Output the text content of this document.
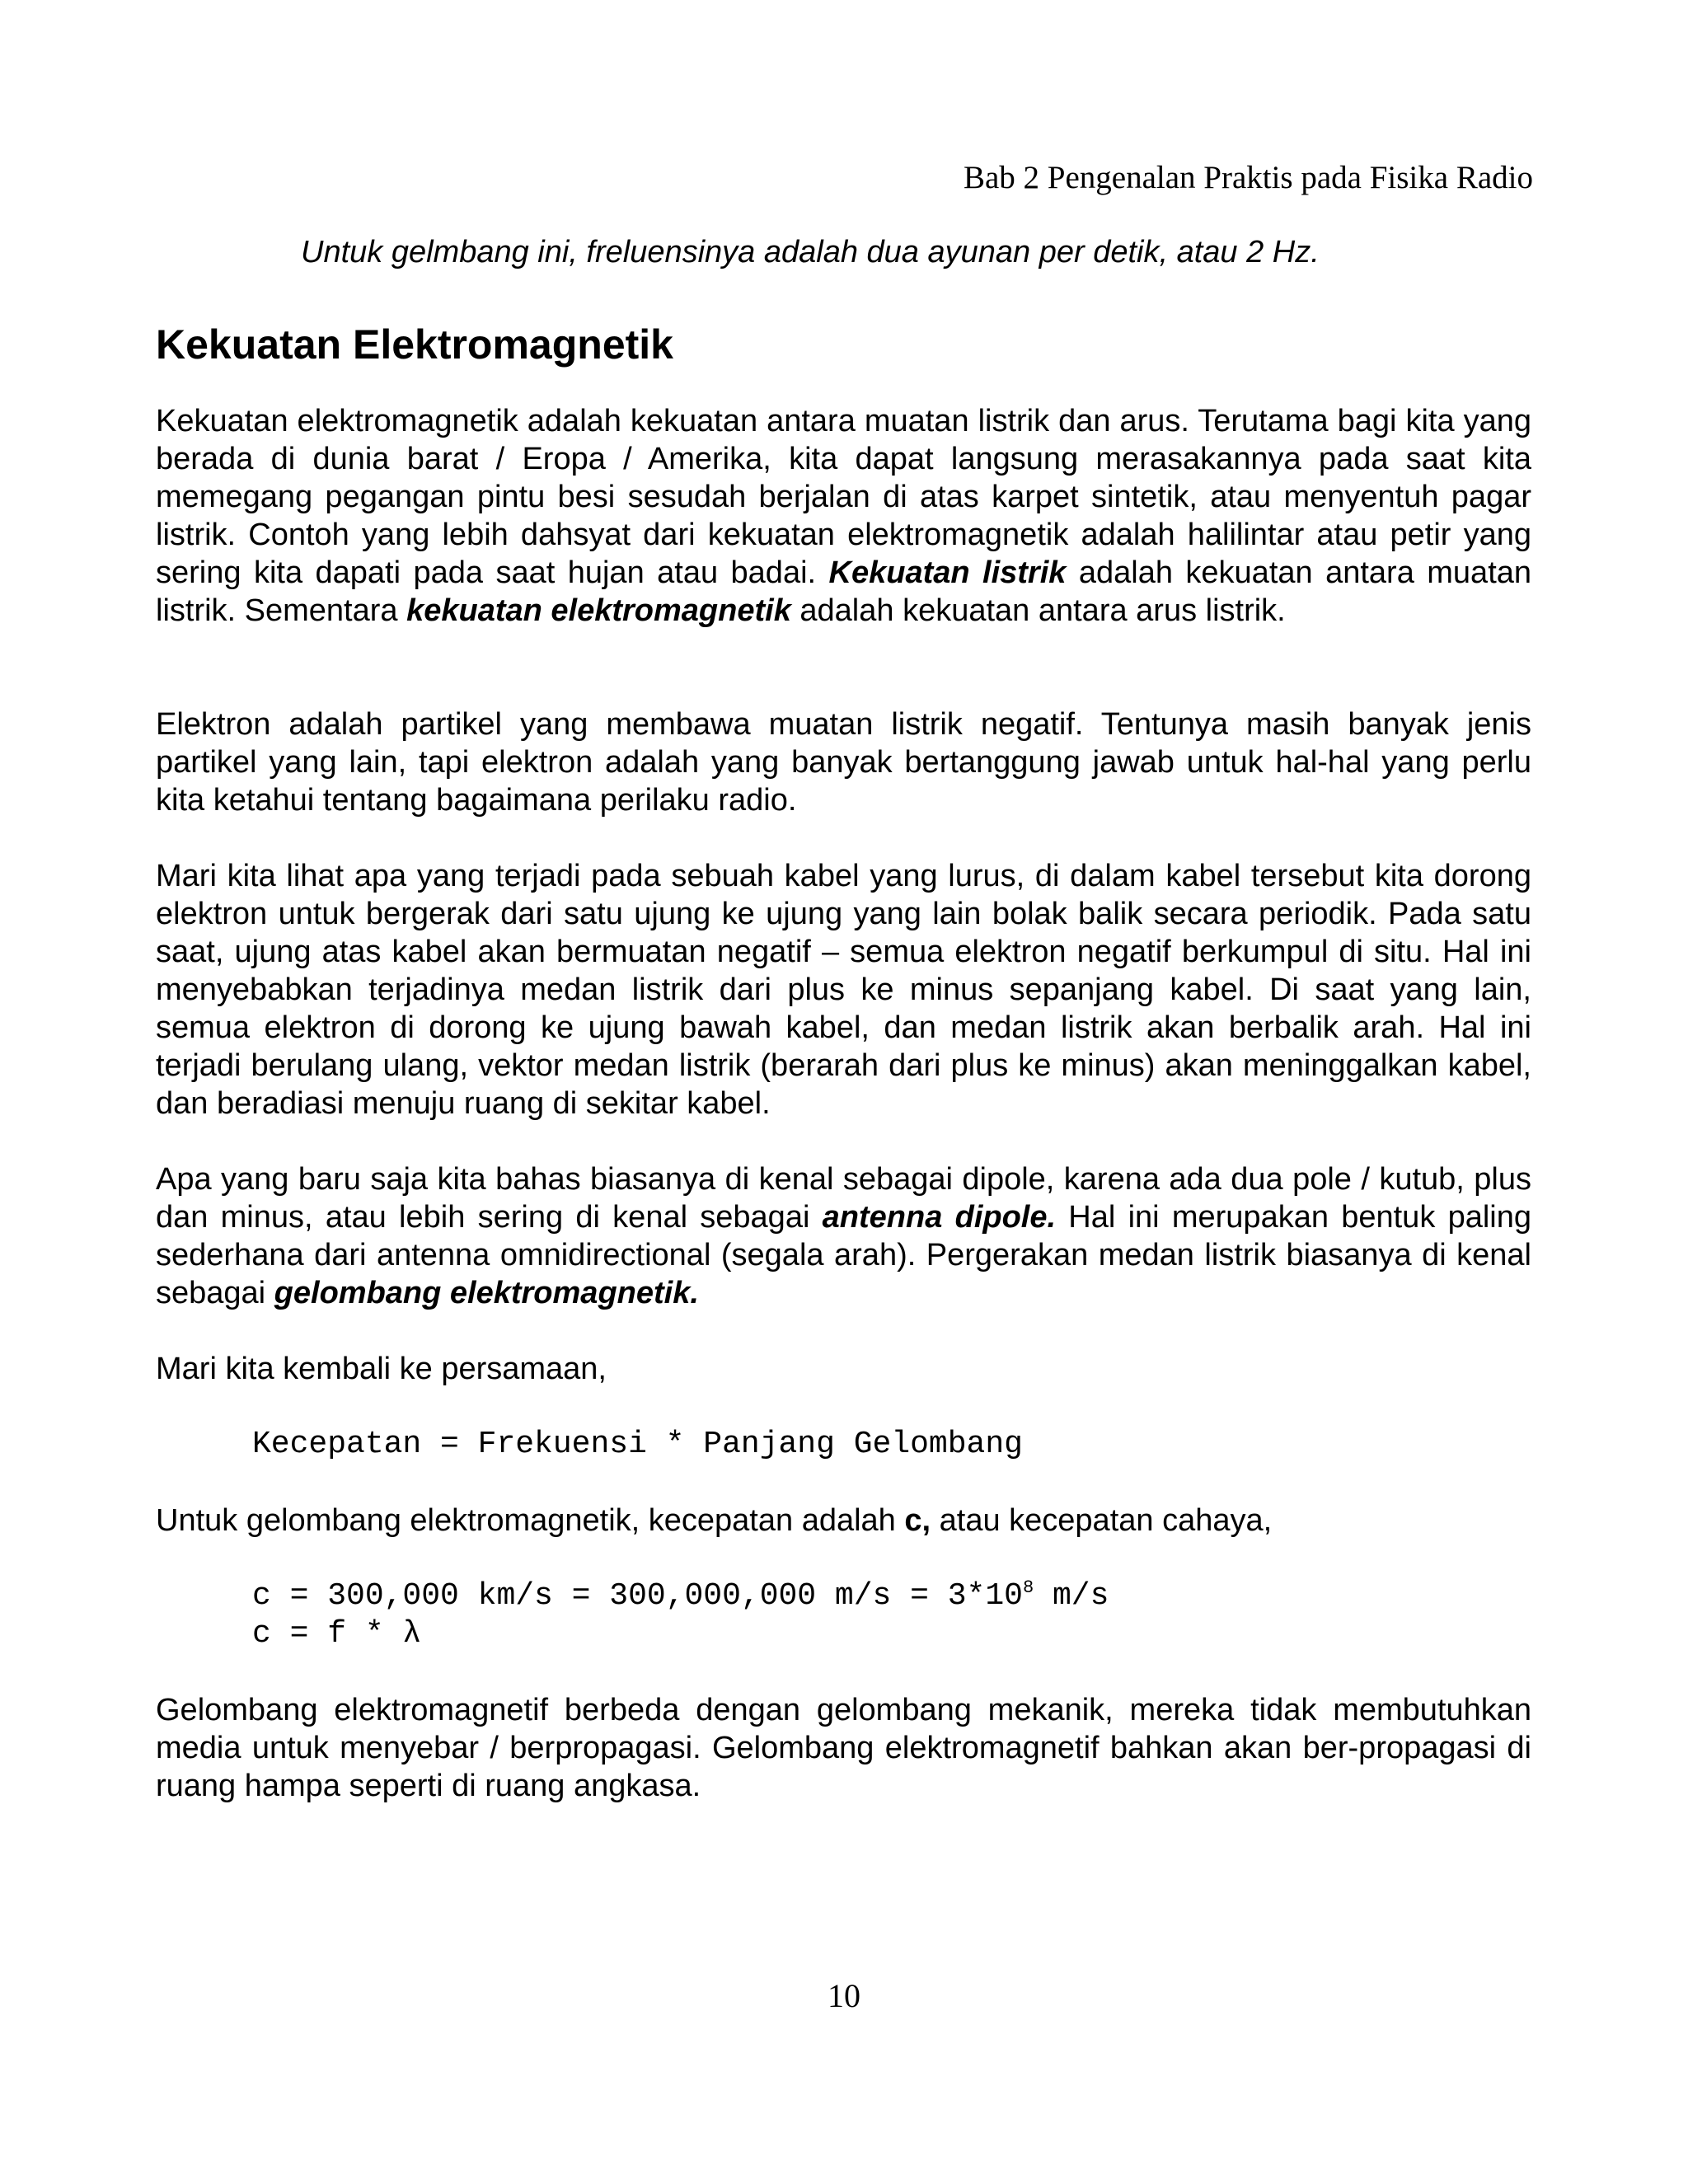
Bab 2 Pengenalan Praktis pada Fisika Radio
Untuk gelmbang ini, freluensinya adalah dua ayunan per detik, atau 2 Hz.
Kekuatan Elektromagnetik

Kekuatan elektromagnetik adalah kekuatan antara muatan listrik dan arus. Terutama bagi kita yang berada di dunia barat / Eropa / Amerika, kita dapat langsung merasakannya pada saat kita memegang pegangan pintu besi sesudah berjalan di atas karpet sintetik, atau menyentuh pagar listrik. Contoh yang lebih dahsyat dari kekuatan elektromagnetik adalah halilintar atau petir yang sering kita dapati pada saat hujan atau badai. Kekuatan listrik adalah kekuatan antara muatan listrik. Sementara kekuatan elektromagnetik adalah kekuatan antara arus listrik.

Elektron adalah partikel yang membawa muatan listrik negatif. Tentunya masih banyak jenis partikel yang lain, tapi elektron adalah yang banyak bertanggung jawab untuk hal-hal yang perlu kita ketahui tentang bagaimana perilaku radio.

Mari kita lihat apa yang terjadi pada sebuah kabel yang lurus, di dalam kabel tersebut kita dorong elektron untuk bergerak dari satu ujung ke ujung yang lain bolak balik secara periodik. Pada satu saat, ujung atas kabel akan bermuatan negatif – semua elektron negatif berkumpul di situ. Hal ini menyebabkan terjadinya medan listrik dari plus ke minus sepanjang kabel. Di saat yang lain, semua elektron di dorong ke ujung bawah kabel, dan medan listrik akan berbalik arah. Hal ini terjadi berulang ulang, vektor medan listrik (berarah dari plus ke minus) akan meninggalkan kabel, dan beradiasi menuju ruang di sekitar kabel.

Apa yang baru saja kita bahas biasanya di kenal sebagai dipole, karena ada dua pole / kutub, plus dan minus, atau lebih sering di kenal sebagai antenna dipole. Hal ini merupakan bentuk paling sederhana dari antenna omnidirectional (segala arah). Pergerakan medan listrik biasanya di kenal sebagai gelombang elektromagnetik.

Mari kita kembali ke persamaan,

Kecepatan = Frekuensi * Panjang Gelombang

Untuk gelombang elektromagnetik, kecepatan adalah c, atau kecepatan cahaya,

c = 300,000 km/s = 300,000,000 $m/s = 3*10^8$ m/s
c = f * λ

Gelombang elektromagnetif berbeda dengan gelombang mekanik, mereka tidak membutuhkan media untuk menyebar / berpropagasi. Gelombang elektromagnetif bahkan akan ber-propagasi di ruang hampa seperti di ruang angkasa.

10
